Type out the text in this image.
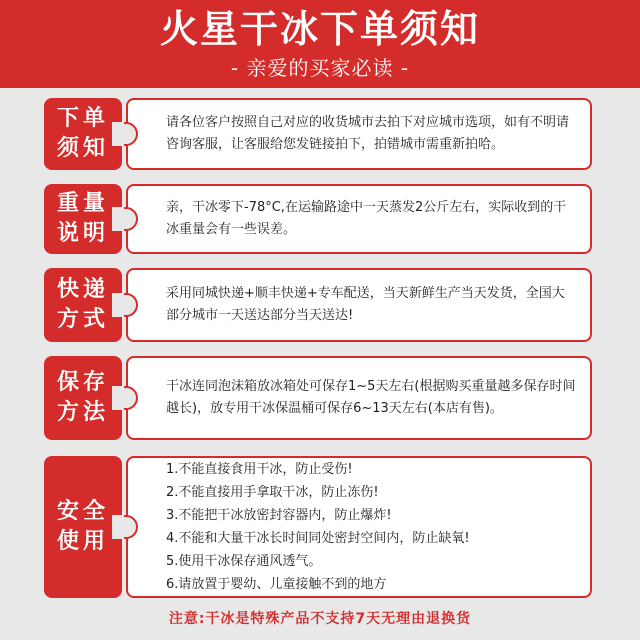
火星干冰下单须知
- 亲爱的买家必读 -
下单
须知
请各位客户按照自己对应的收货城市去拍下对应城市选项，如有不明请咨询客服，让客服给您发链接拍下，拍错城市需重新拍哈。
重量
说明
亲，干冰零下-78°C,在运输路途中一天蒸发2公斤左右，实际收到的干冰重量会有一些误差。
快递
方式
采用同城快递+顺丰快递+专车配送，当天新鲜生产当天发货，全国大部分城市一天送达部分当天送达!
保存
方法
干冰连同泡沫箱放冰箱处可保存1~5天左右(根据购买重量越多保存时间越长)，放专用干冰保温桶可保存6~13天左右(本店有售)。
安全
使用
1.不能直接食用干冰，防止受伤!
2.不能直接用手拿取干冰，防止冻伤!
3.不能把干冰放密封容器内，防止爆炸!
4.不能和大量干冰长时间同处密封空间内，防止缺氧!
5.使用干冰保存通风透气。
6.请放置于婴幼、儿童接触不到的地方
注意:干冰是特殊产品不支持7天无理由退换货
